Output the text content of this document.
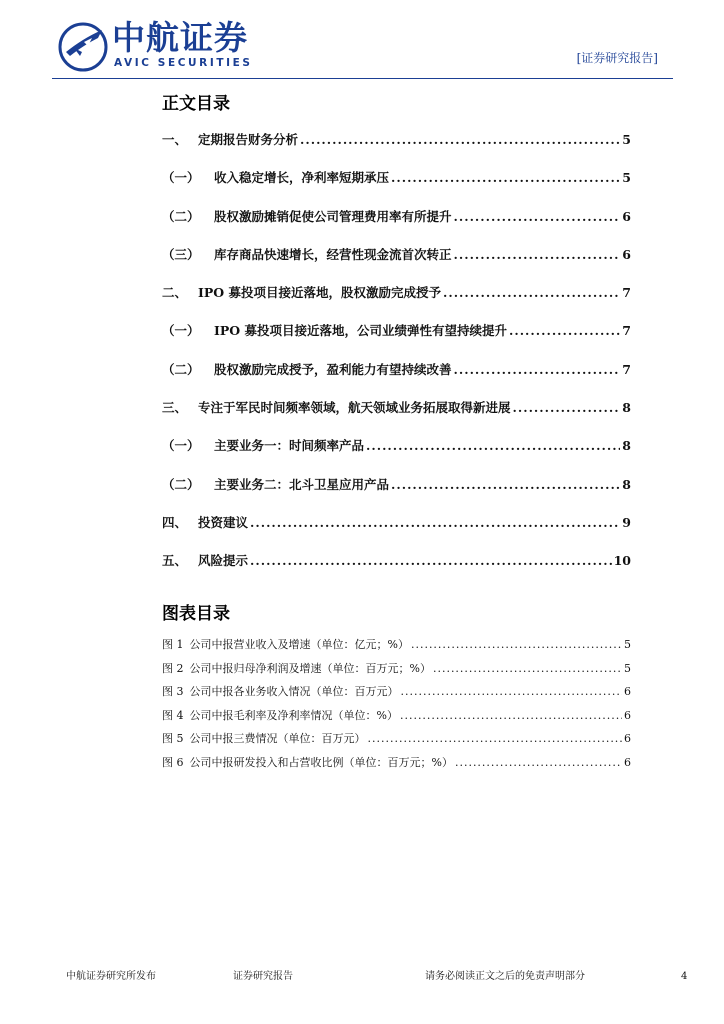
中航证券
AVIC SECURITIES	[证券研究报告]
正文目录
一、 定期报告财务分析 .....	5
（一）	收入稳定增长，净利率短期承压 .....	5
（二）	股权激励摊销促使公司管理费用率有所提升 .....	6
（三）	库存商品快速增长，经营性现金流首次转正 .....	6
二、 IPO 募投项目接近落地，股权激励完成授予 .....	7
（一）	IPO 募投项目接近落地，公司业绩弹性有望持续提升 .....	7
（二）	股权激励完成授予，盈利能力有望持续改善 .....	7
三、 专注于军民时间频率领域，航天领域业务拓展取得新进展 .....	8
（一）	主要业务一：时间频率产品 .....	8
（二）	主要业务二：北斗卫星应用产品 .....	8
四、 投资建议 .....	9
五、 风险提示 .....	10
图表目录
图 1 公司中报营业收入及增速（单位：亿元；%） .....	5
图 2 公司中报归母净利润及增速（单位：百万元；%） .....	5
图 3 公司中报各业务收入情况（单位：百万元） .....	6
图 4 公司中报毛利率及净利率情况（单位：%） .....	6
图 5 公司中报三费情况（单位：百万元） .....	6
图 6 公司中报研发投入和占营收比例（单位：百万元；%） .....	6
中航证券研究所发布	证券研究报告	请务必阅读正文之后的免责声明部分	4
